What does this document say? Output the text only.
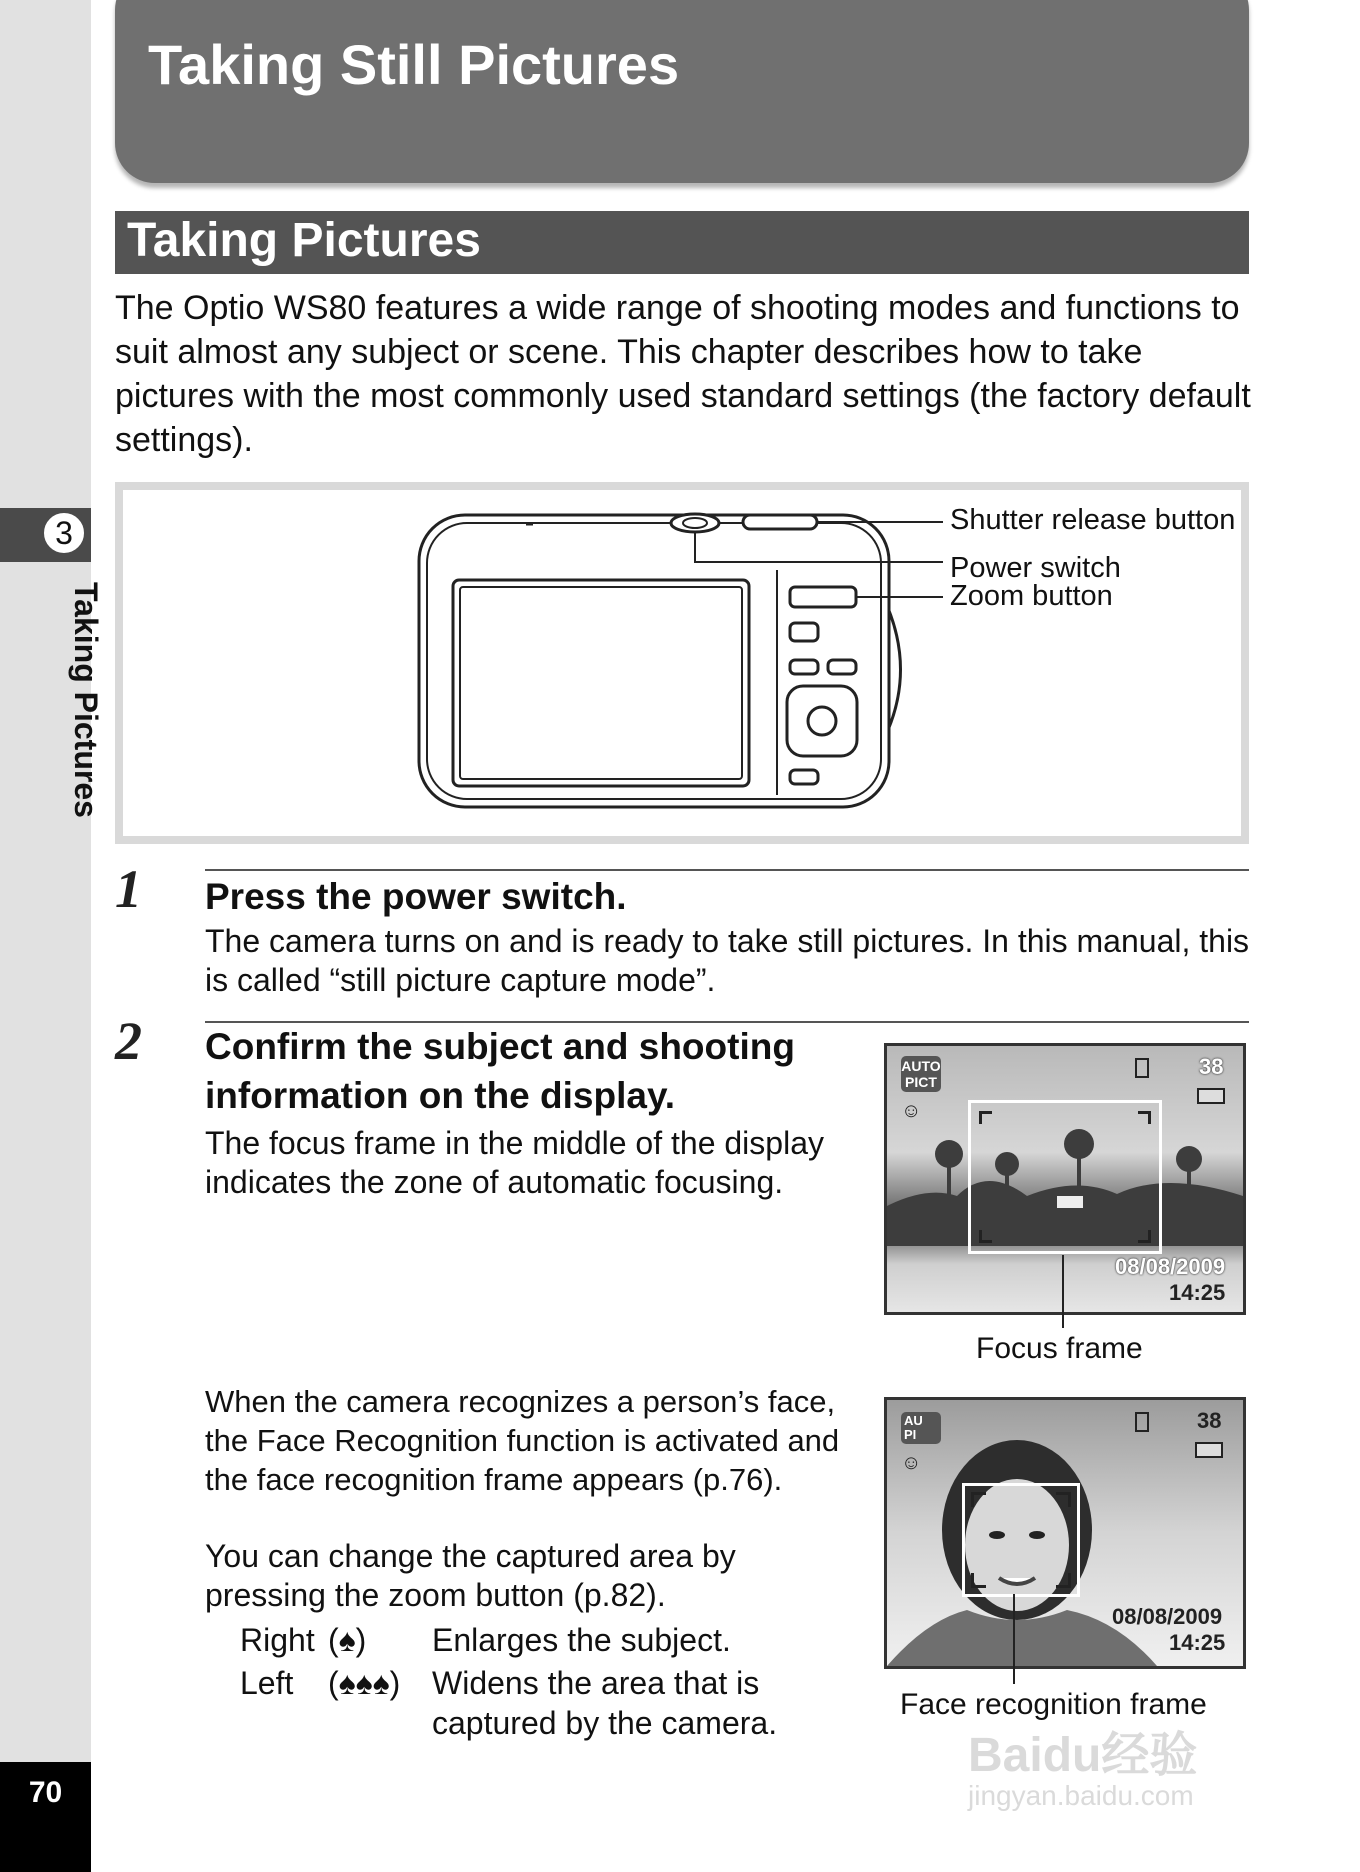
3
Taking Pictures
70
Taking Still Pictures
Taking Pictures
The Optio WS80 features a wide range of shooting modes and functions to suit almost any subject or scene. This chapter describes how to take pictures with the most commonly used standard settings (the factory default settings).
Shutter release button
Power switch
Zoom button
1 Press the power switch.
The camera turns on and is ready to take still pictures. In this manual, this is called “still picture capture mode”.
2 Confirm the subject and shooting information on the display.
The focus frame in the middle of the display indicates the zone of automatic focusing.
When the camera recognizes a person’s face, the Face Recognition function is activated and the face recognition frame appears (p.76).
You can change the captured area by pressing the zoom button (p.82).
Right (♠) Enlarges the subject.
Left (♠♠♠) Widens the area that is captured by the camera.
AUTO
PICT
☺
38
08/08/2009
14:25
Focus frame
AU
PI
☺
38
08/08/2009
14:25
Face recognition frame
Baidu经验
jingyan.baidu.com
